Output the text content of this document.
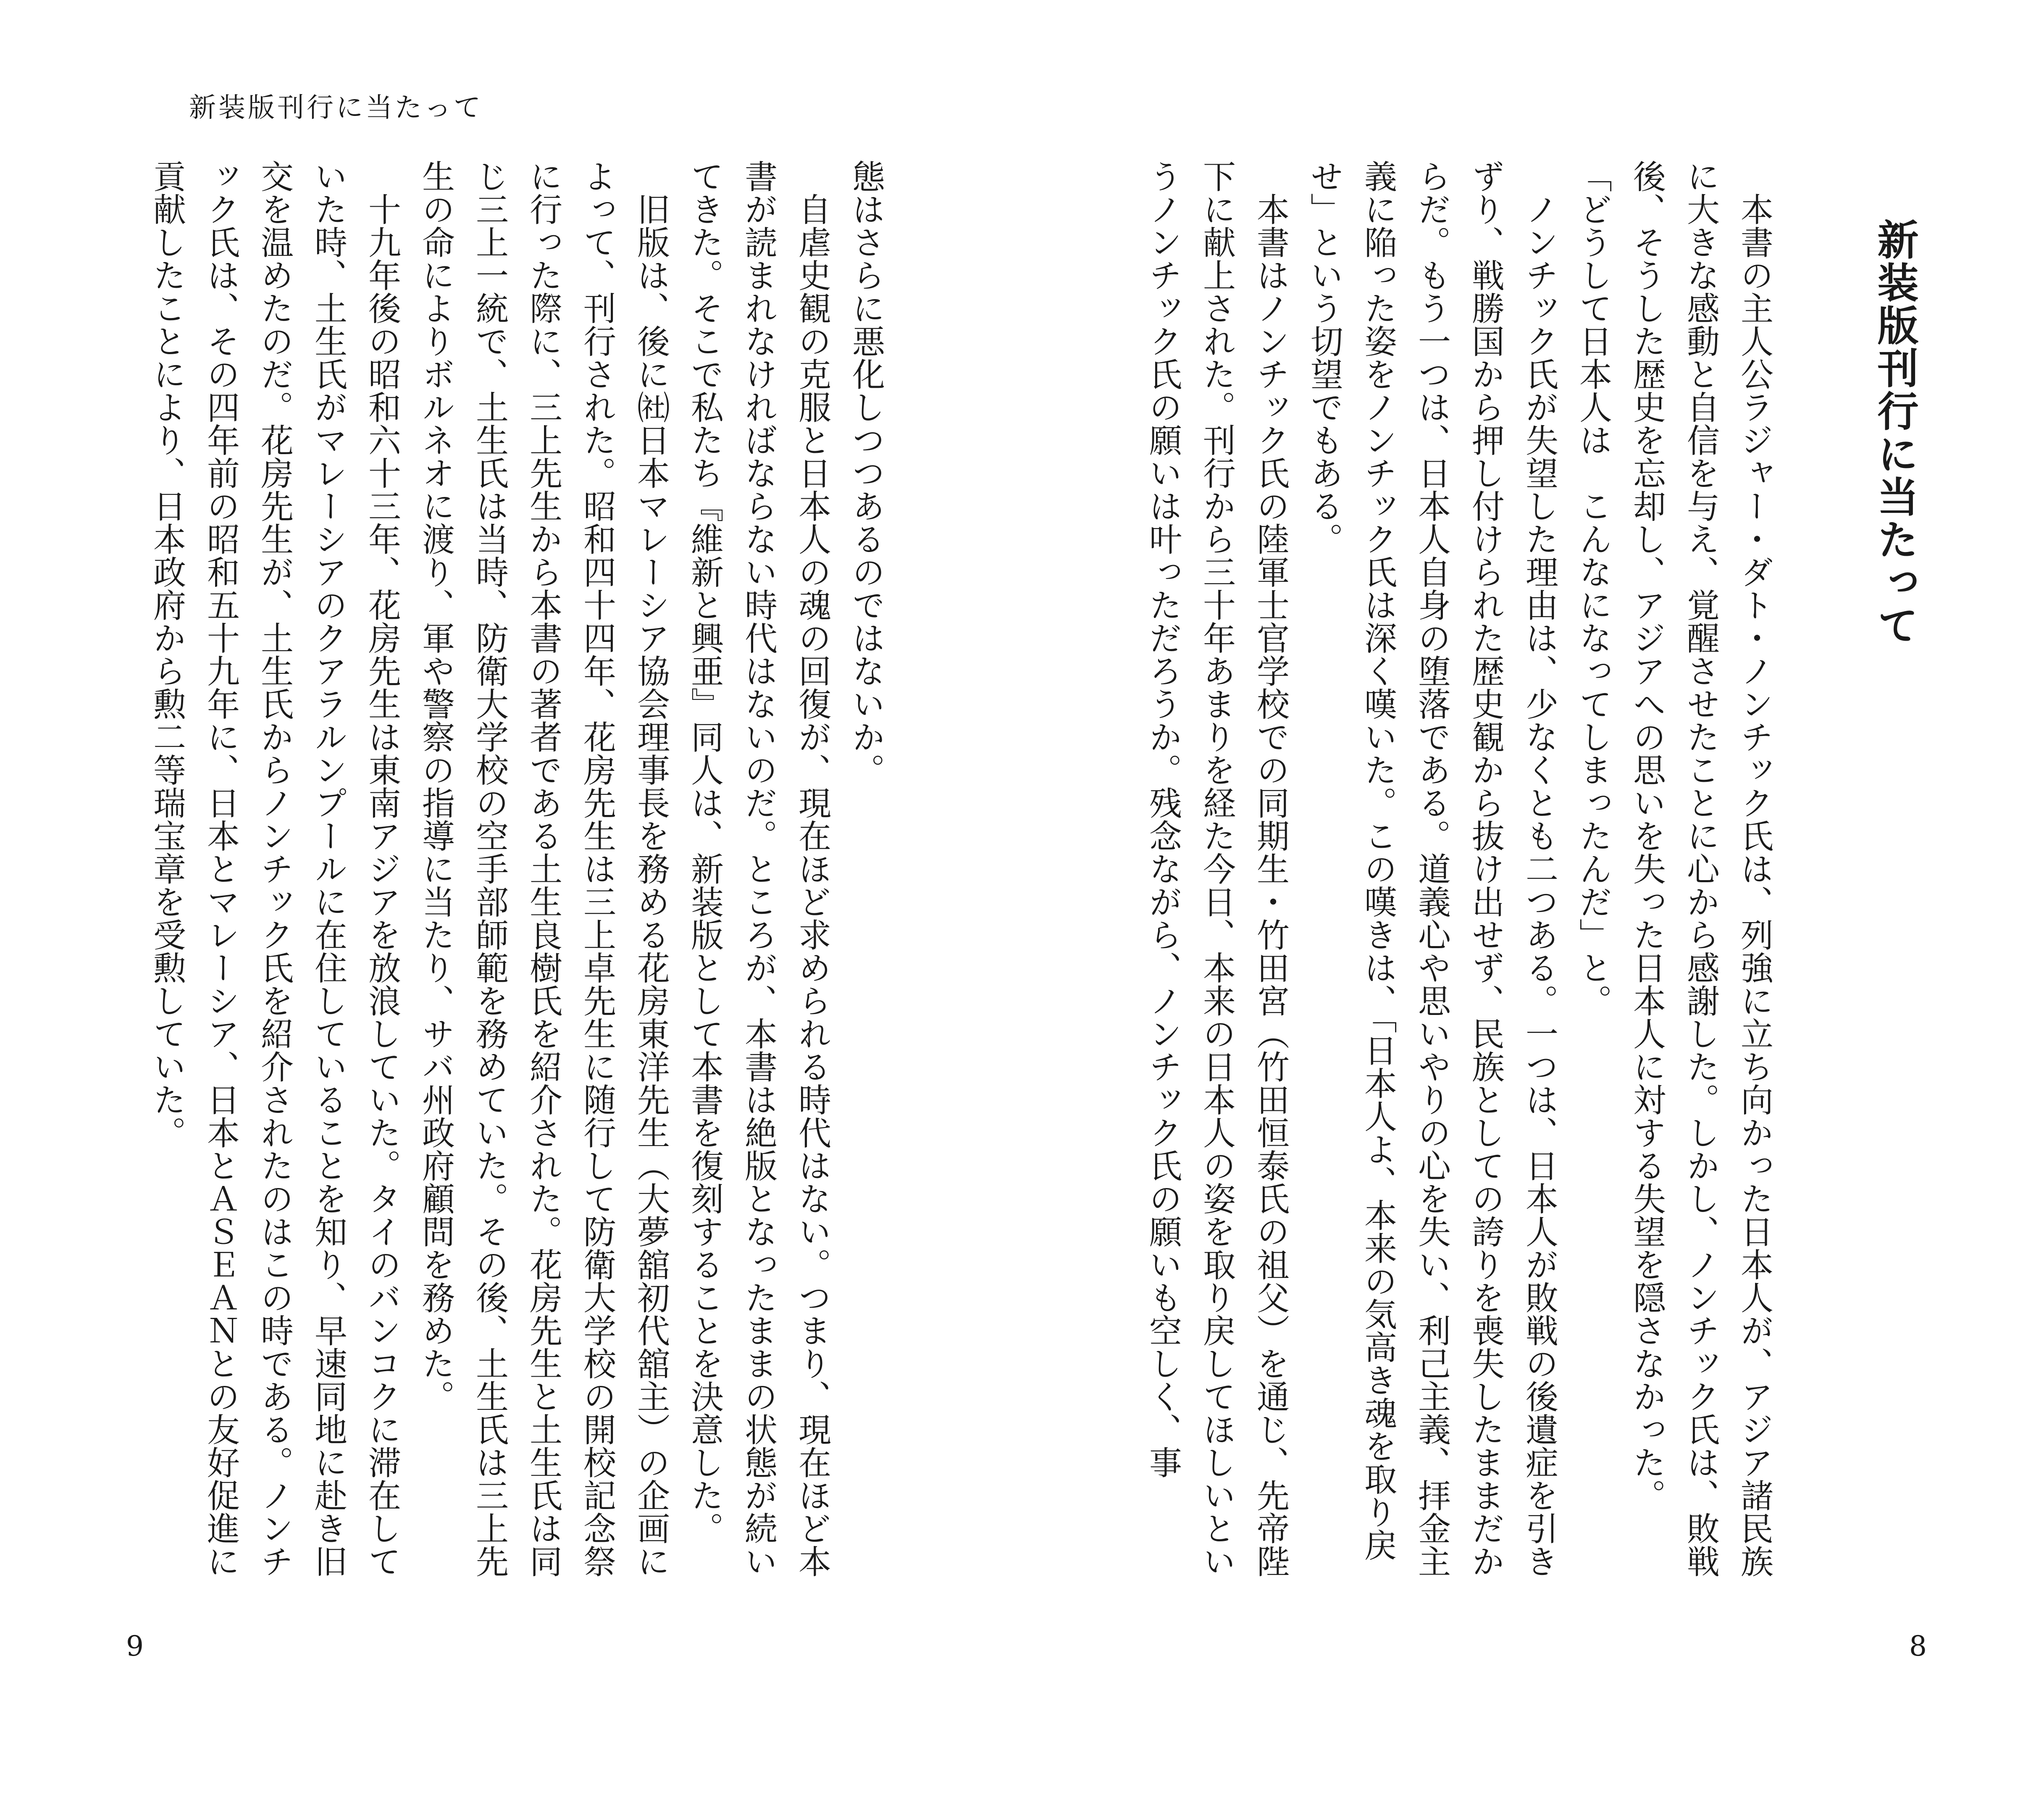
新装版刊行に当たって

態はさらに悪化しつつあるのではないか。

　自虐史観の克服と日本人の魂の回復が、現在ほど求められる時代はない。つまり、現在ほど本書が読まれなければならない時代はないのだ。ところが、本書は絶版となったままの状態が続いてきた。そこで私たち『維新と興亜』同人は、新装版として本書を復刻することを決意した。

　旧版は、後に㈳日本マレーシア協会理事長を務める花房東洋先生（大夢舘初代舘主）の企画によって、刊行された。昭和四十四年、花房先生は三上卓先生に随行して防衛大学校の開校記念祭に行った際に、三上先生から本書の著者である土生良樹氏を紹介された。花房先生と土生氏は同じ三上一統で、土生氏は当時、防衛大学校の空手部師範を務めていた。その後、土生氏は三上先生の命によりボルネオに渡り、軍や警察の指導に当たり、サバ州政府顧問を務めた。

　十九年後の昭和六十三年、花房先生は東南アジアを放浪していた。タイのバンコクに滞在していた時、土生氏がマレーシアのクアラルンプールに在住していることを知り、早速同地に赴き旧交を温めたのだ。花房先生が、土生氏からノンチック氏を紹介されたのはこの時である。ノンチック氏は、その四年前の昭和五十九年に、日本とマレーシア、日本とＡＳＥＡＮとの友好促進に貢献したことにより、日本政府から勲二等瑞宝章を受勲していた。	　本書の主人公ラジャー・ダト・ノンチック氏は、列強に立ち向かった日本人が、アジア諸民族に大きな感動と自信を与え、覚醒させたことに心から感謝した。しかし、ノンチック氏は、敗戦後、そうした歴史を忘却し、アジアへの思いを失った日本人に対する失望を隠さなかった。

「どうして日本人は　こんなになってしまったんだ」と。

　ノンチック氏が失望した理由は、少なくとも二つある。一つは、日本人が敗戦の後遺症を引きずり、戦勝国から押し付けられた歴史観から抜け出せず、民族としての誇りを喪失したままだからだ。もう一つは、日本人自身の堕落である。道義心や思いやりの心を失い、利己主義、拝金主義に陥った姿をノンチック氏は深く嘆いた。この嘆きは、「日本人よ、本来の気高き魂を取り戻せ」という切望でもある。

　本書はノンチック氏の陸軍士官学校での同期生・竹田宮（竹田恒泰氏の祖父）を通じ、先帝陛下に献上された。刊行から三十年あまりを経た今日、本来の日本人の姿を取り戻してほしいというノンチック氏の願いは叶っただろうか。残念ながら、ノンチック氏の願いも空しく、事	新装版刊行に当たって
9	8
